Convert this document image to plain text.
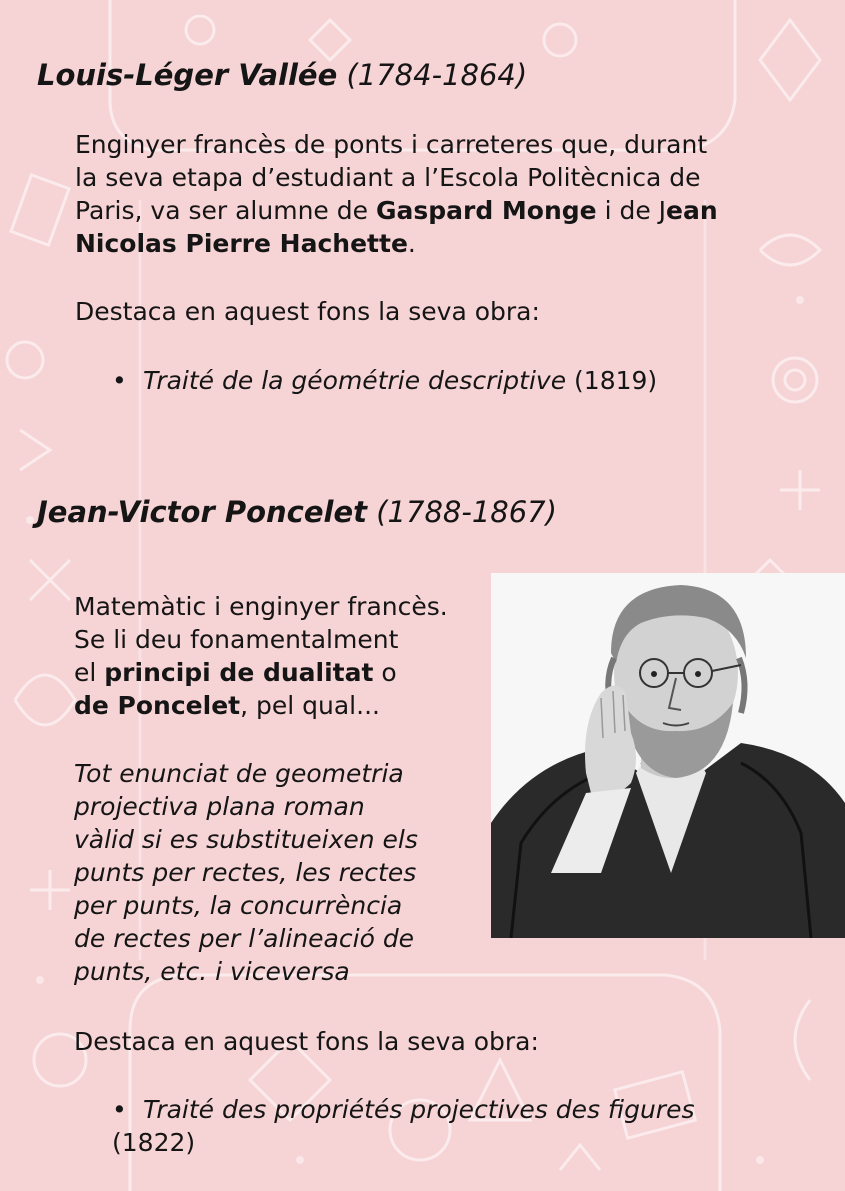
Louis-Léger Vallée (1784-1864)
Enginyer francès de ponts i carreteres que, durant
la seva etapa d’estudiant a l’Escola Politècnica de
Paris, va ser alumne de Gaspard Monge i de Jean
Nicolas Pierre Hachette.
Destaca en aquest fons la seva obra:
• Traité de la géométrie descriptive (1819)
Jean-Victor Poncelet (1788-1867)
Matemàtic i enginyer francès.
Se li deu fonamentalment
el principi de dualitat o
de Poncelet, pel qual...
Tot enunciat de geometria
projectiva plana roman
vàlid si es substitueixen els
punts per rectes, les rectes
per punts, la concurrència
de rectes per l’alineació de
punts, etc. i viceversa
Destaca en aquest fons la seva obra:
• Traité des propriétés projectives des figures
(1822)
